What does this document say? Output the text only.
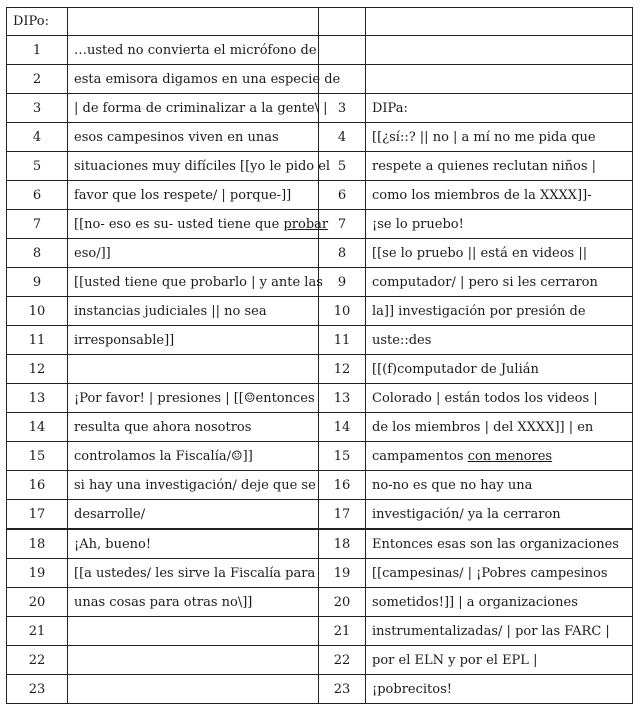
DIPo:			
1	…usted no convierta el micrófono de		
2	esta emisora digamos en una especie de		
3	| de forma de criminalizar a la gente\ |	3	DIPa:
4	esos campesinos viven en unas	4	[[¿sí::? || no | a mí no me pida que
5	situaciones muy difíciles [[yo le pido el	5	respete a quienes reclutan niños |
6	favor que los respete/ | porque-]]	6	como los miembros de la XXXX]]-
7	[[no- eso es su- usted tiene que probar	7	¡se lo pruebo!
8	eso/]]	8	[[se lo pruebo || está en videos ||
9	[[usted tiene que probarlo | y ante las	9	computador/ | pero si les cerraron
10	instancias judiciales || no sea	10	la]] investigación por presión de
11	irresponsable]]	11	uste::des
12		12	[[(f)computador de Julián
13	¡Por favor! | presiones | [[☺entonces	13	Colorado | están todos los videos |
14	resulta que ahora nosotros	14	de los miembros | del XXXX]] | en
15	controlamos la Fiscalía/☺]]	15	campamentos con menores
16	si hay una investigación/ deje que se	16	no-no es que no hay una
17	desarrolle/	17	investigación/ ya la cerraron
18	¡Ah, bueno!	18	Entonces esas son las organizaciones
19	[[a ustedes/ les sirve la Fiscalía para	19	[[campesinas/ | ¡Pobres campesinos
20	unas cosas para otras no\]]	20	sometidos!]] | a organizaciones
21		21	instrumentalizadas/ | por las FARC |
22		22	por el ELN y por el EPL |
23		23	¡pobrecitos!
